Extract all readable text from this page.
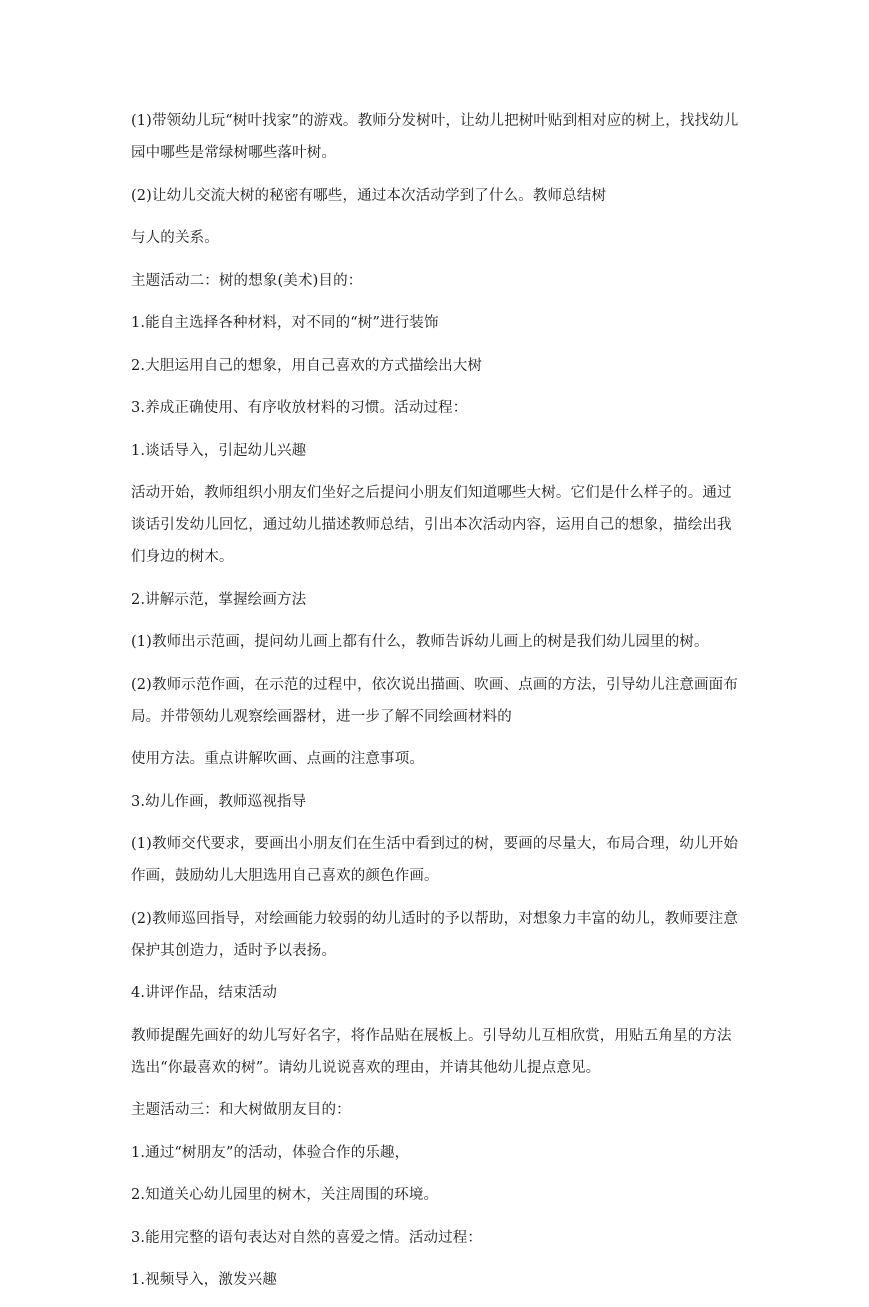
(1)带领幼儿玩“树叶找家”的游戏。教师分发树叶，让幼儿把树叶贴到相对应的树上，找找幼儿园中哪些是常绿树哪些落叶树。

(2)让幼儿交流大树的秘密有哪些，通过本次活动学到了什么。教师总结树

与人的关系。

主题活动二：树的想象(美术)目的：

1.能自主选择各种材料，对不同的“树”进行装饰

2.大胆运用自己的想象，用自己喜欢的方式描绘出大树

3.养成正确使用、有序收放材料的习惯。活动过程：

1.谈话导入，引起幼儿兴趣

活动开始，教师组织小朋友们坐好之后提问小朋友们知道哪些大树。它们是什么样子的。通过谈话引发幼儿回忆，通过幼儿描述教师总结，引出本次活动内容，运用自己的想象，描绘出我们身边的树木。

2.讲解示范，掌握绘画方法

(1)教师出示范画，提问幼儿画上都有什么，教师告诉幼儿画上的树是我们幼儿园里的树。

(2)教师示范作画，在示范的过程中，依次说出描画、吹画、点画的方法，引导幼儿注意画面布局。并带领幼儿观察绘画器材，进一步了解不同绘画材料的

使用方法。重点讲解吹画、点画的注意事项。

3.幼儿作画，教师巡视指导

(1)教师交代要求，要画出小朋友们在生活中看到过的树，要画的尽量大，布局合理，幼儿开始作画，鼓励幼儿大胆选用自己喜欢的颜色作画。

(2)教师巡回指导，对绘画能力较弱的幼儿适时的予以帮助，对想象力丰富的幼儿，教师要注意保护其创造力，适时予以表扬。

4.讲评作品，结束活动

教师提醒先画好的幼儿写好名字，将作品贴在展板上。引导幼儿互相欣赏，用贴五角星的方法选出“你最喜欢的树”。请幼儿说说喜欢的理由，并请其他幼儿提点意见。

主题活动三：和大树做朋友目的：

1.通过“树朋友”的活动，体验合作的乐趣，

2.知道关心幼儿园里的树木，关注周围的环境。

3.能用完整的语句表达对自然的喜爱之情。活动过程：

1.视频导入，激发兴趣
